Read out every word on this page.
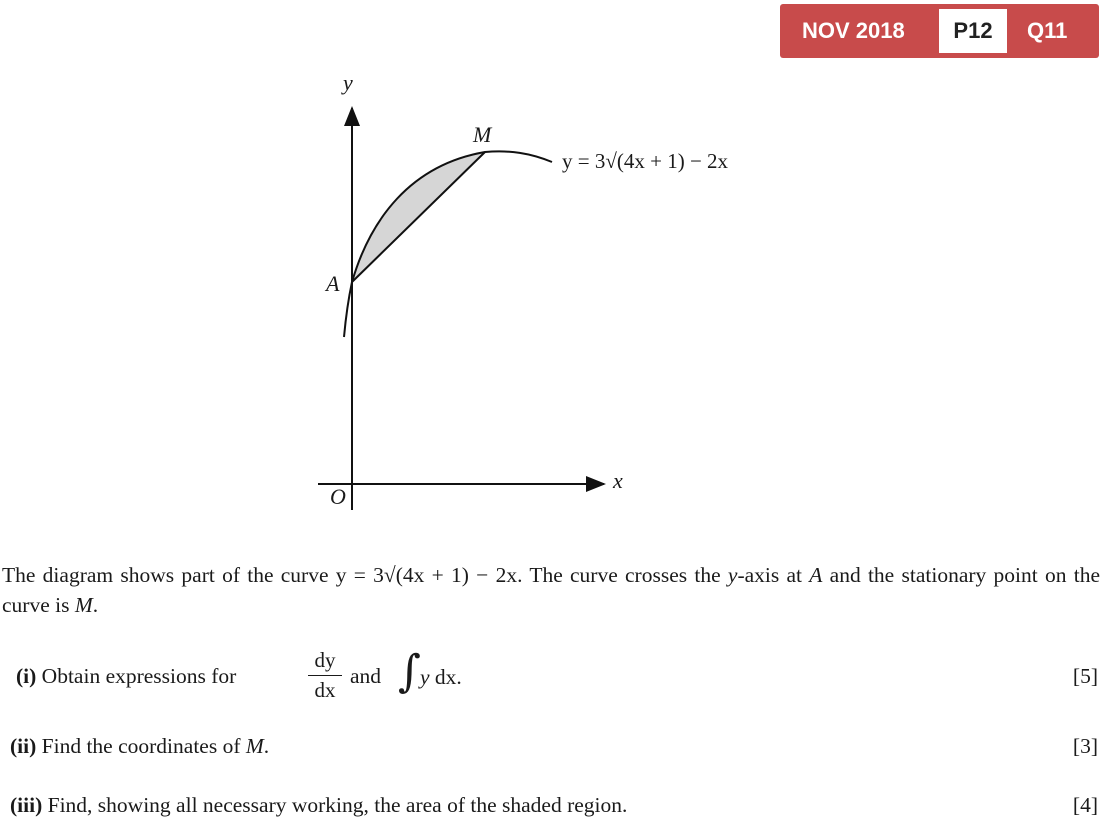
NOV 2018	P12	Q11
y
x
O
A
M
y = 3√(4x + 1) − 2x
The diagram shows part of the curve y = 3√(4x + 1) − 2x. The curve crosses the y-axis at A and the stationary point on the curve is M.
(i) Obtain expressions for
dy
dx
and ∫ y dx.	[5]
(ii) Find the coordinates of M.	[3]
(iii) Find, showing all necessary working, the area of the shaded region.	[4]
